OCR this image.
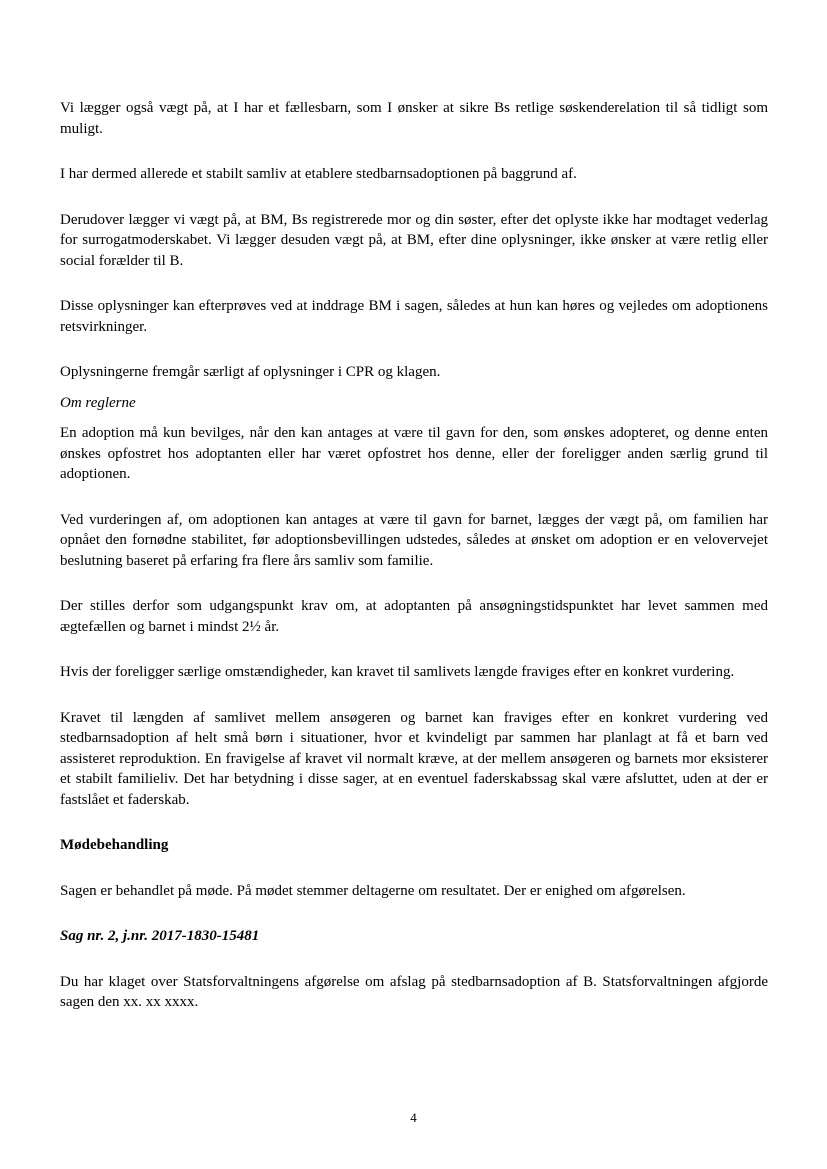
Vi lægger også vægt på, at I har et fællesbarn, som I ønsker at sikre Bs retlige søskenderelation til så tidligt som muligt.

I har dermed allerede et stabilt samliv at etablere stedbarnsadoptionen på baggrund af.

Derudover lægger vi vægt på, at BM, Bs registrerede mor og din søster, efter det oplyste ikke har modtaget vederlag for surrogatmoderskabet. Vi lægger desuden vægt på, at BM, efter dine oplysninger, ikke ønsker at være retlig eller social forælder til B.

Disse oplysninger kan efterprøves ved at inddrage BM i sagen, således at hun kan høres og vejledes om adoptionens retsvirkninger.

Oplysningerne fremgår særligt af oplysninger i CPR og klagen.

Om reglerne

En adoption må kun bevilges, når den kan antages at være til gavn for den, som ønskes adopteret, og denne enten ønskes opfostret hos adoptanten eller har været opfostret hos denne, eller der foreligger anden særlig grund til adoptionen.

Ved vurderingen af, om adoptionen kan antages at være til gavn for barnet, lægges der vægt på, om familien har opnået den fornødne stabilitet, før adoptionsbevillingen udstedes, således at ønsket om adoption er en velovervejet beslutning baseret på erfaring fra flere års samliv som familie.

Der stilles derfor som udgangspunkt krav om, at adoptanten på ansøgningstidspunktet har levet sammen med ægtefællen og barnet i mindst 2½ år.

Hvis der foreligger særlige omstændigheder, kan kravet til samlivets længde fraviges efter en konkret vurdering.

Kravet til længden af samlivet mellem ansøgeren og barnet kan fraviges efter en konkret vurdering ved stedbarnsadoption af helt små børn i situationer, hvor et kvindeligt par sammen har planlagt at få et barn ved assisteret reproduktion. En fravigelse af kravet vil normalt kræve, at der mellem ansøgeren og barnets mor eksisterer et stabilt familieliv. Det har betydning i disse sager, at en eventuel faderskabssag skal være afsluttet, uden at der er fastslået et faderskab.

Mødebehandling

Sagen er behandlet på møde. På mødet stemmer deltagerne om resultatet. Der er enighed om afgørelsen.

Sag nr. 2, j.nr. 2017-1830-15481

Du har klaget over Statsforvaltningens afgørelse om afslag på stedbarnsadoption af B. Statsforvaltningen afgjorde sagen den xx. xx xxxx.

4
